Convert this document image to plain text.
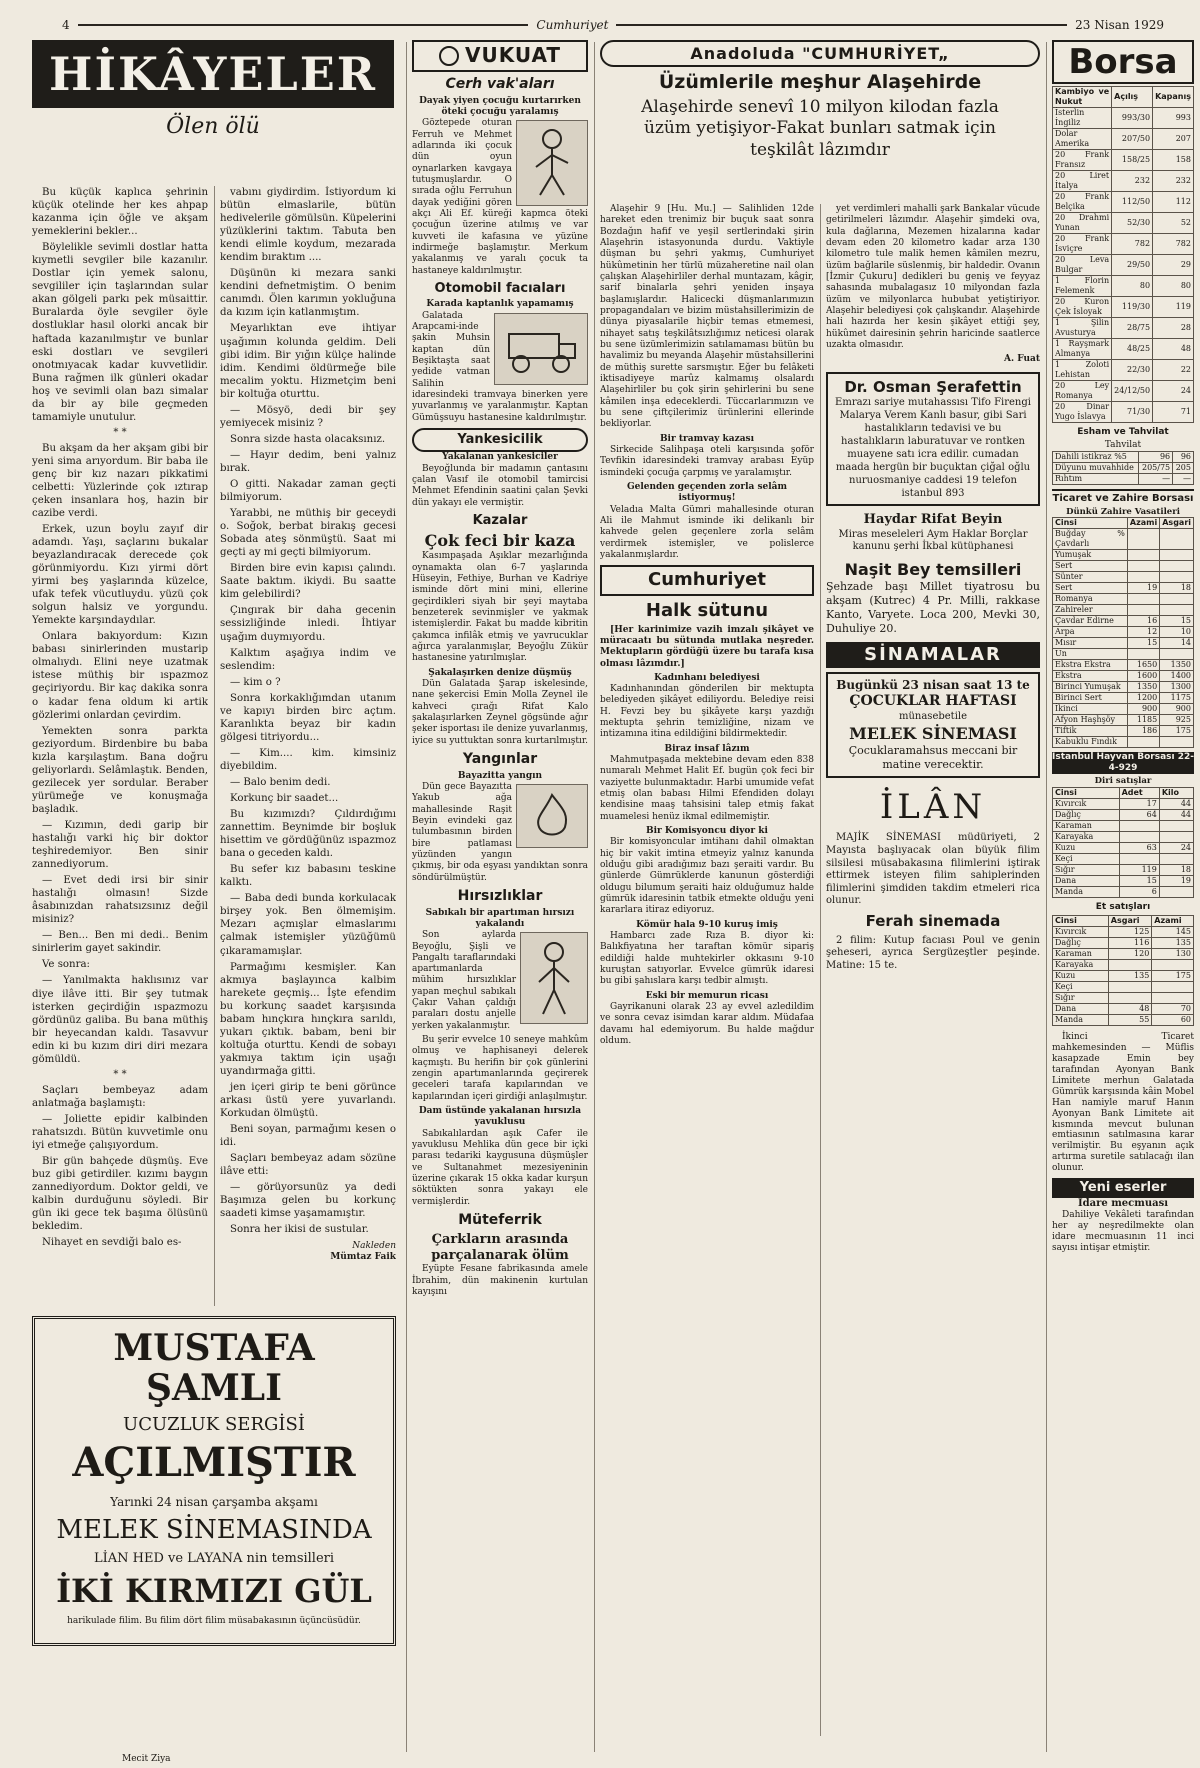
4	Cumhuriyet	23 Nisan 1929
HİKÂYELER
Ölen ölü

Bu küçük kaplıca şehrinin küçük otelinde her kes ahpap kazanma için öğle ve akşam yemeklerini bekler...

Böylelikle sevimli dostlar hatta kıymetli sevgiler bile kazanılır. Dostlar için yemek salonu, sevgililer için taşlarından sular akan gölgeli parkı pek müsaittir. Buralarda öyle sevgiler öyle dostluklar hasıl olorki ancak bir haftada kazanılmıştır ve bunlar eski dostları ve sevgileri onotmıyacak kadar kuvvetlidir. Buna rağmen ilk günleri okadar hoş ve sevimli olan bazı simalar da bir ay bile geçmeden tamamiyle unutulur.

* *

Bu akşam da her akşam gibi bir yeni sima arıyordum. Bir baba ile genç bir kız nazarı pikkatimi celbetti: Yüzlerinde çok ıztırap çeken insanlara hoş, hazin bir cazibe verdi.

Erkek, uzun boylu zayıf dir adamdı. Yaşı, saçlarını bukalar beyazlandıracak derecede çok görünmiyordu. Kızı yirmi dört yirmi beş yaşlarında küzelce, ufak tefek vücutluydu. yüzü çok solgun halsiz ve yorgundu. Yemekte karşındaydılar.

Onlara bakıyordum: Kızın babası sinirlerinden mustarip olmalıydı. Elini neye uzatmak istese müthiş bir ıspazmoz geçiriyordu. Bir kaç dakika sonra o kadar fena oldum ki artik gözlerimi onlardan çevirdim.

Yemekten sonra parkta geziyordum. Birdenbire bu baba kızla karşılaştım. Bana doğru geliyorlardı. Selâmlaştık. Benden, gezilecek yer sordular. Beraber yürümeğe ve konuşmağa başladık.

— Kızımın, dedi garip bir hastalığı varki hiç bir doktor teşhiredemiyor. Ben sinir zannediyorum.

— Evet dedi irsi bir sinir hastalığı olmasın! Sizde âsabınızdan rahatsızsınız değil misiniz?

— Ben... Ben mi dedi.. Benim sinirlerim gayet sakindir.

Ve sonra:

— Yanılmakta haklısınız var diye ilâve itti. Bir şey tutmak isterken geçirdiğin ıspazmozu gördünüz galiba. Bu bana müthiş bir heyecandan kaldı. Tasavvur edin ki bu kızım diri diri mezara gömüldü.

* *

Saçları bembeyaz adam anlatmağa başlamıştı:

— Joliette epidir kalbinden rahatsızdı. Bütün kuvvetimle onu iyi etmeğe çalışıyordum.

Bir gün bahçede düşmüş. Eve buz gibi getirdiler. kızımı baygın zannediyordum. Doktor geldi, ve kalbin durduğunu söyledi. Bir gün iki gece tek başıma ölüsünü bekledim.

Nihayet en sevdiği balo es-

vabını giydirdim. İstiyordum ki bütün elmaslarile, bütün hedivelerile gömülsün. Küpelerini yüzüklerini taktım. Tabuta ben kendi elimle koydum, mezarada kendim bıraktım ....

Düşünün ki mezara sanki kendini defnetmiştim. O benim canımdı. Ölen karımın yokluğuna da kızım için katlanmıştım.

Meyarlıktan eve ihtiyar uşağımın kolunda geldim. Deli gibi idim. Bir yığın külçe halinde idim. Kendimi öldürmeğe bile mecalim yoktu. Hizmetçim beni bir koltuğa oturttu.

— Mösyö, dedi bir şey yemiyecek misiniz ?

Sonra sizde hasta olacaksınız.

— Hayır dedim, beni yalnız bırak.

O gitti. Nakadar zaman geçti bilmiyorum.

Yarabbi, ne müthiş bir geceydi o. Soğok, berbat birakış gecesi Sobada ateş sönmüştü. Saat mi geçti ay mi geçti bilmiyorum.

Birden bire evin kapısı çalındı. Saate baktım. ikiydi. Bu saatte kim gelebilirdi?

Çıngırak bir daha gecenin sessizliğinde inledi. İhtiyar uşağım duymıyordu.

Kalktım aşağıya indim ve seslendim:

— kim o ?

Sonra korkaklığımdan utanım ve kapıyı birden birc açtım. Karanlıkta beyaz bir kadın gölgesi titriyordu...

— Kim.... kim. kimsiniz diyebildim.

— Balo benim dedi.

Korkunç bir saadet...

Bu kızımızdı? Çıldırdığımı zannettim. Beynimde bir boşluk hisettim ve gördüğünüz ıspazmoz bana o geceden kaldı.

Bu sefer kız babasını teskine kalktı.

— Baba dedi bunda korkulacak birşey yok. Ben ölmemişim. Mezarı açmışlar elmaslarımı çalmak istemişler yüzüğümü çıkaramamışlar.

Parmağımı kesmişler. Kan akmıya başlayınca kalbim harekete geçmiş... İşte efendim bu korkunç saadet karşısında babam hınçkıra hınçkıra sarıldı, yukarı çıktık. babam, beni bir koltuğa oturttu. Kendi de sobayı yakmıya taktım için uşağı uyandırmağa gitti.

jen içeri girip te beni görünce arkası üstü yere yuvarlandı. Korkudan ölmüştü.

Beni soyan, parmağımı kesen o idi.

Saçları bembeyaz adam sözüne ilâve etti:

— görüyorsunüz ya dedi Başımıza gelen bu korkunç saadeti kimse yaşamamıştır.

Sonra her ikisi de sustular.

Nakleden
Mümtaz Faik
MUSTAFA ŞAMLI
UCUZLUK SERGİSİ
AÇILMIŞTIR
Yarınki 24 nisan çarşamba akşamı
MELEK SİNEMASINDA
LİAN HED ve LAYANA nin temsilleri
İKİ KIRMIZI GÜL
harikulade filim. Bu filim dört filim müsabakasının üçüncüsüdür.
Mecit Ziya
VUKUAT
Cerh vak'aları
Dayak yiyen çocuğu kurtarırken öteki çocuğu yaralamış

Göztepede oturan Ferruh ve Mehmet adlarında iki çocuk dün oyun oynarlarken kavgaya tutuşmuşlardır. O sırada oğlu Ferruhun dayak yediğini gören akçı Ali Ef. küreği kapmca öteki çocuğun üzerine atılmış ve var kuvveti ile kafasına ve yüzüne indirmeğe başlamıştır. Merkum yakalanmış ve yaralı çocuk ta hastaneye kaldırılmıştır.

Otomobil facıaları
Karada kaptanlık yapamamış

Galatada Arapcami-inde şakin Muhsin kaptan dün Beşiktaşta saat yedide vatman Salihin idaresindeki tramvaya binerken yere yuvarlanmış ve yaralanmıştır. Kaptan Gümüşsuyu hastanesine kaldırılmıştır.

Yankesicilik
Yakalanan yankesiciler

Beyoğlunda bir madamın çantasını çalan Vasıf ile otomobil tamircisi Mehmet Efendinin saatini çalan Şevki dün yakayı ele vermiştir.

Kazalar
Çok feci bir kaza

Kasımpaşada Aşıklar mezarlığında oynamakta olan 6-7 yaşlarında Hüseyin, Fethiye, Burhan ve Kadriye isminde dört mini mini, ellerine geçirdikleri siyah bir şeyi maytaba benzeterek sevinmişler ve yakmak istemişlerdir. Fakat bu madde kibritin çakımca infilâk etmiş ve yavrucuklar ağırca yaralanmışlar, Beyoğlu Zükür hastanesine yatırılmışlar.

Şakalaşırken denize düşmüş

Dün Galatada Şarap iskelesinde, nane şekercisi Emin Molla Zeynel ile kahveci çırağı Rifat Kalo şakalaşırlarken Zeynel gögsünde ağır şeker isportası ile denize yuvarlanmış, iyice su yuttuktan sonra kurtarılmıştır.

Yangınlar
Bayazitta yangın

Dün gece Bayazıtta Yakub ağa mahallesinde Raşit Beyin evindeki gaz tulumbasının birden bire patlaması yüzünden yangın çıkmış, bir oda eşyası yandıktan sonra söndürülmüştür.

Hırsızlıklar
Sabıkalı bir apartıman hırsızı yakalandı

Son aylarda Beyoğlu, Şişli ve Pangaltı taraflarındaki apartımanlarda mühim hırsızlıklar yapan meçhul sabıkalı Çakır Vahan çaldığı paraları dostu anjelle yerken yakalanmıştır.

Bu şerir evvelce 10 seneye mahkûm olmuş ve haphisaneyi delerek kaçmıştı. Bu herifin bir çok günlerini zengin apartımanlarında geçirerek geceleri tarafa kapılarından ve kapılarından içeri girdiği anlaşılmıştır.

Dam üstünde yakalanan hırsızla yavuklusu

Sabıkalılardan aşık Cafer ile yavuklusu Mehlika dün gece bir içki parası tedariki kaygusuna düşmüşler ve Sultanahmet mezesiyeninin üzerine çıkarak 15 okka kadar kurşun söktükten sonra yakayı ele vermişlerdir.

Müteferrik
Çarkların arasında parçalanarak ölüm

Eyüpte Fesane fabrikasında amele İbrahim, dün makinenin kurtulan kayışını

Anadoluda "CUMHURİYET„
Üzümlerile meşhur Alaşehirde
Alaşehirde senevî 10 milyon kilodan fazla üzüm yetişiyor-Fakat bunları satmak için teşkilât lâzımdır

Alaşehir 9 [Hu. Mu.] — Salihliden 12de hareket eden trenimiz bir buçuk saat sonra Bozdağın hafif ve yeşil sertlerindaki şirin Alaşehrin istasyonunda durdu. Vaktiyle düşman bu şehri yakmış, Cumhuriyet hükûmetinin her türlü müzaheretine nail olan çalışkan Alaşehirliler derhal muntazam, kâgir, sarif binalarla şehri yeniden inşaya başlamışlardır. Halicecki düşmanlarımızın propagandaları ve bizim müstahsillerimizin de dünya piyasalarile hiçbir temas etmemesi, nihayet satış teşkilâtsızlığımız neticesi olarak bu sene üzümlerimizin satılamaması bütün bu havalimiz bu meyanda Alaşehir müstahsillerini de müthiş surette sarsmıştır. Eğer bu felâketi iktisadiyeye marûz kalmamış olsalardı Alaşehirliler bu çok şirin şehirlerini bu sene kâmilen inşa edeceklerdi. Tüccarlarımızın ve bu sene çiftçilerimiz ürünlerini ellerinde bekliyorlar.

Bir tramvay kazası

Sirkecide Salihpaşa oteli karşısında şoför Tevfikin idaresindeki tramvay arabası Eyüp ismindeki çocuğa çarpmış ve yaralamıştır.

Gelenden geçenden zorla selâm istiyormuş!

Veladıa Malta Gümri mahallesinde oturan Ali ile Mahmut isminde iki delikanlı bir kahvede gelen geçenlere zorla selâm verdirmek istemişler, ve polislerce yakalanmışlardır.

Cumhuriyet
Halk sütunu

[Her karinimize vazih imzalı şikâyet ve müracaatı bu sütunda mutlaka neşreder. Mektupların gördüğü üzere bu tarafa kısa olması lâzımdır.]

Kadınhanı belediyesi

Kadınhanından gönderilen bir mektupta belediyeden şikâyet ediliyordu. Belediye reisi H. Fevzi bey bu şikâyete karşı yazdığı mektupta şehrin temizliğine, nizam ve intizamına itina edildiğini bildirmektedir.

Biraz insaf lâzım

Mahmutpaşada mektebine devam eden 838 numaralı Mehmet Halit Ef. bugün çok feci bir vaziyette bulunmaktadır. Harbi umumide vefat etmiş olan babası Hilmi Efendiden dolayı kendisine maaş tahsisini talep etmiş fakat muamelesi henüz ikmal edilmemiştir.

Bir Komisyoncu diyor ki

Bir komisyoncular imtihanı dahil olmaktan hiç bir vakit imtina etmeyiz yalnız kanunda olduğu gibi aradığımız bazı şeraiti vardır. Bu günlerde Gümrüklerde kanunun gösterdiği oldugu bilumum şeraiti haiz olduğumuz halde gümrük idaresinin tatbik etmekte olduğu yeni kararlara itiraz ediyoruz.

Kömür hala 9-10 kuruş imiş

Hambarcı zade Rıza B. diyor ki: Balıkfiyatına her taraftan kömür sipariş edildiği halde muhtekirler okkasını 9-10 kuruştan satıyorlar. Evvelce gümrük idaresi bu gibi şahıslara karşı tedbir almıştı.

Eski bir memurun ricası

Gayrikanuni olarak 23 ay evvel azledildim ve sonra cevaz isimdan karar aldım. Müdafaa davamı hal edemiyorum. Bu halde mağdur oldum.

yet verdimleri mahalli şark Bankalar vücude getirilmeleri lâzımdır. Alaşehir şimdeki ova, kula dağlarına, Mezemen hizalarına kadar devam eden 20 kilometro kadar arza 130 kilometro tule malik hemen kâmilen mezru, üzüm bağlarile süslenmiş, bir haldedir. Ovanın [İzmir Çukuru] dedikleri bu geniş ve feyyaz sahasında mubalagasız 10 milyondan fazla üzüm ve milyonlarca hububat yetiştiriyor. Alaşehir belediyesi çok çalışkandır. Alaşehirde hali hazırda her kesin şikâyet ettiği şey, hükûmet dairesinin şehrin haricinde saatlerce uzakta olmasıdır.

A. Fuat
Dr. Osman Şerafettin
Emrazı sariye mutahassısı Tifo Firengi Malarya Verem Kanlı basur, gibi Sari hastalıkların tedavisi ve bu hastalıkların laburatuvar ve rontken muayene satı icra edilir. cumadan maada hergün bir buçuktan çiğal oğlu nuruosmaniye caddesi 19 telefon istanbul 893
Haydar Rifat Beyin
Miras meseleleri Aym Haklar Borçlar kanunu şerhi İkbal kütüphanesi
Naşit Bey temsilleri
Şehzade başı Millet tiyatrosu bu akşam (Kutrec) 4 Pr. Milli, rakkase Kanto, Varyete. Loca 200, Mevki 30, Duhuliye 20.
SİNAMALAR
Bugünkü 23 nisan saat 13 te
ÇOCUKLAR HAFTASI
münasebetile
MELEK SİNEMASI
Çocuklaramahsus meccani bir matine verecektir.
İLÂN

MAJİK SİNEMASI müdüriyeti, 2 Mayısta başlıyacak olan büyük filim silsilesi müsabakasına filimlerini iştirak ettirmek isteyen filim sahiplerinden filimlerini şimdiden takdim etmeleri rica olunur.

Ferah sinemada

2 filim: Kutup facıası Poul ve genin şeheseri, ayrıca Sergüzeştler peşinde. Matine: 15 te.

Borsa
Kambiyo ve Nukut	Açılış	Kapanış
İsterlin İngiliz	993/30	993
Dolar Amerika	207/50	207
20 Frank Fransız	158/25	158
20 Liret İtalya	232	232
20 Frank Belçika	112/50	112
20 Drahmi Yunan	52/30	52
20 Frank İsviçre	782	782
20 Leva Bulgar	29/50	29
1 Florin Felemenk	80	80
20 Kuron Çek İsloyak	119/30	119
1 Şilin Avusturya	28/75	28
1 Rayşmark Almanya	48/25	48
1 Zoloti Lehistan	22/30	22
20 Ley Romanya	24/12/50	24
20 Dinar Yugo İslavya	71/30	71
Esham ve Tahvilat
Tahvilat
Dahili istikraz %5	96	96
Düyunu muvahhide	205/75	205
Rıhtım	—	—
Ticaret ve Zahire Borsası
Dünkü Zahire Vasatileri
Cinsi	Azami	Asgari
Buğday % Çavdarlı		
Yumuşak		
Sert		
Sünter		
Sert	19	18
Romanya		
Zahireler		
Çavdar Edirne	16	15
Arpa	12	10
Mısır	15	14
Un		
Ekstra Ekstra	1650	1350
Ekstra	1600	1400
Birinci Yumuşak	1350	1300
Birinci Sert	1200	1175
İkinci	900	900
Afyon Haşhşöy	1185	925
Tiftik	186	175
Kabuklu Fındık		
İstanbul Hayvan Borsası 22-4-929
Diri satışlar
Cinsi	Adet	Kilo
Kıvırcık	17	44
Dağlıç	64	44
Karaman		
Karayaka		
Kuzu	63	24
Keçi		
Sığır	119	18
Dana	15	19
Manda	6	
Et satışları
Cinsi	Asgari	Azami
Kıvırcık	125	145
Dağlıç	116	135
Karaman	120	130
Karayaka		
Kuzu	135	175
Keçi		
Sığır		
Dana	48	70
Manda	55	60

İkinci Ticaret mahkemesinden — Müflis kasapzade Emin bey tarafından Ayonyan Bank Limitete merhun Galatada Gümrük karşısında kâin Mobel Han namiyle maruf Hanın Ayonyan Bank Limitete ait kısmında mevcut bulunan emtiasının satılmasına karar verilmiştir. Bu eşyanın açık artırma suretile satılacağı ilan olunur.

Yeni eserler
İdare mecmuası

Dahiliye Vekâleti tarafından her ay neşredilmekte olan idare mecmuasının 11 inci sayısı intişar etmiştir.
